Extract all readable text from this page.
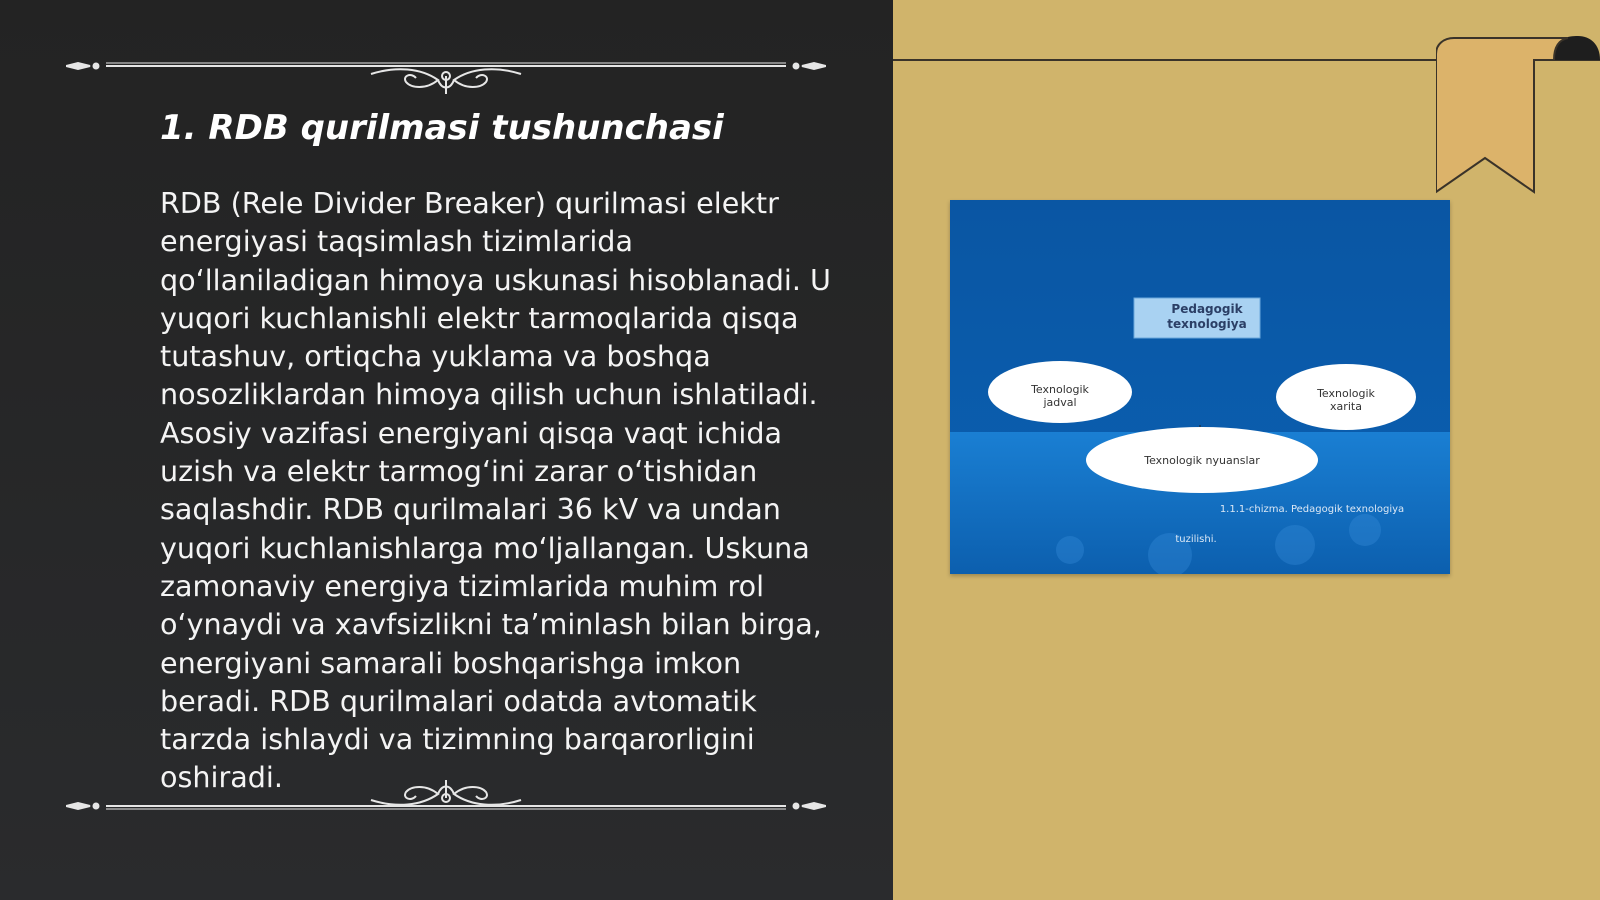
1. RDB qurilmasi tushunchasi

RDB (Rele Divider Breaker) qurilmasi elektr energiyasi taqsimlash tizimlarida qo‘llaniladigan himoya uskunasi hisoblanadi. U yuqori kuchlanishli elektr tarmoqlarida qisqa tutashuv, ortiqcha yuklama va boshqa nosozliklardan himoya qilish uchun ishlatiladi. Asosiy vazifasi energiyani qisqa vaqt ichida uzish va elektr tarmog‘ini zarar o‘tishidan saqlashdir. RDB qurilmalari 36 kV va undan yuqori kuchlanishlarga mo‘ljallangan. Uskuna zamonaviy energiya tizimlarida muhim rol o‘ynaydi va xavfsizlikni ta’minlash bilan birga, energiyani samarali boshqarishga imkon beradi. RDB qurilmalari odatda avtomatik tarzda ishlaydi va tizimning barqarorligini oshiradi.

Pedagogik
texnologiya
Texnologik
jadval
Texnologik
xarita
Texnologik nyuanslar
1.1.1-chizma. Pedagogik texnologiya
tuzilishi.
